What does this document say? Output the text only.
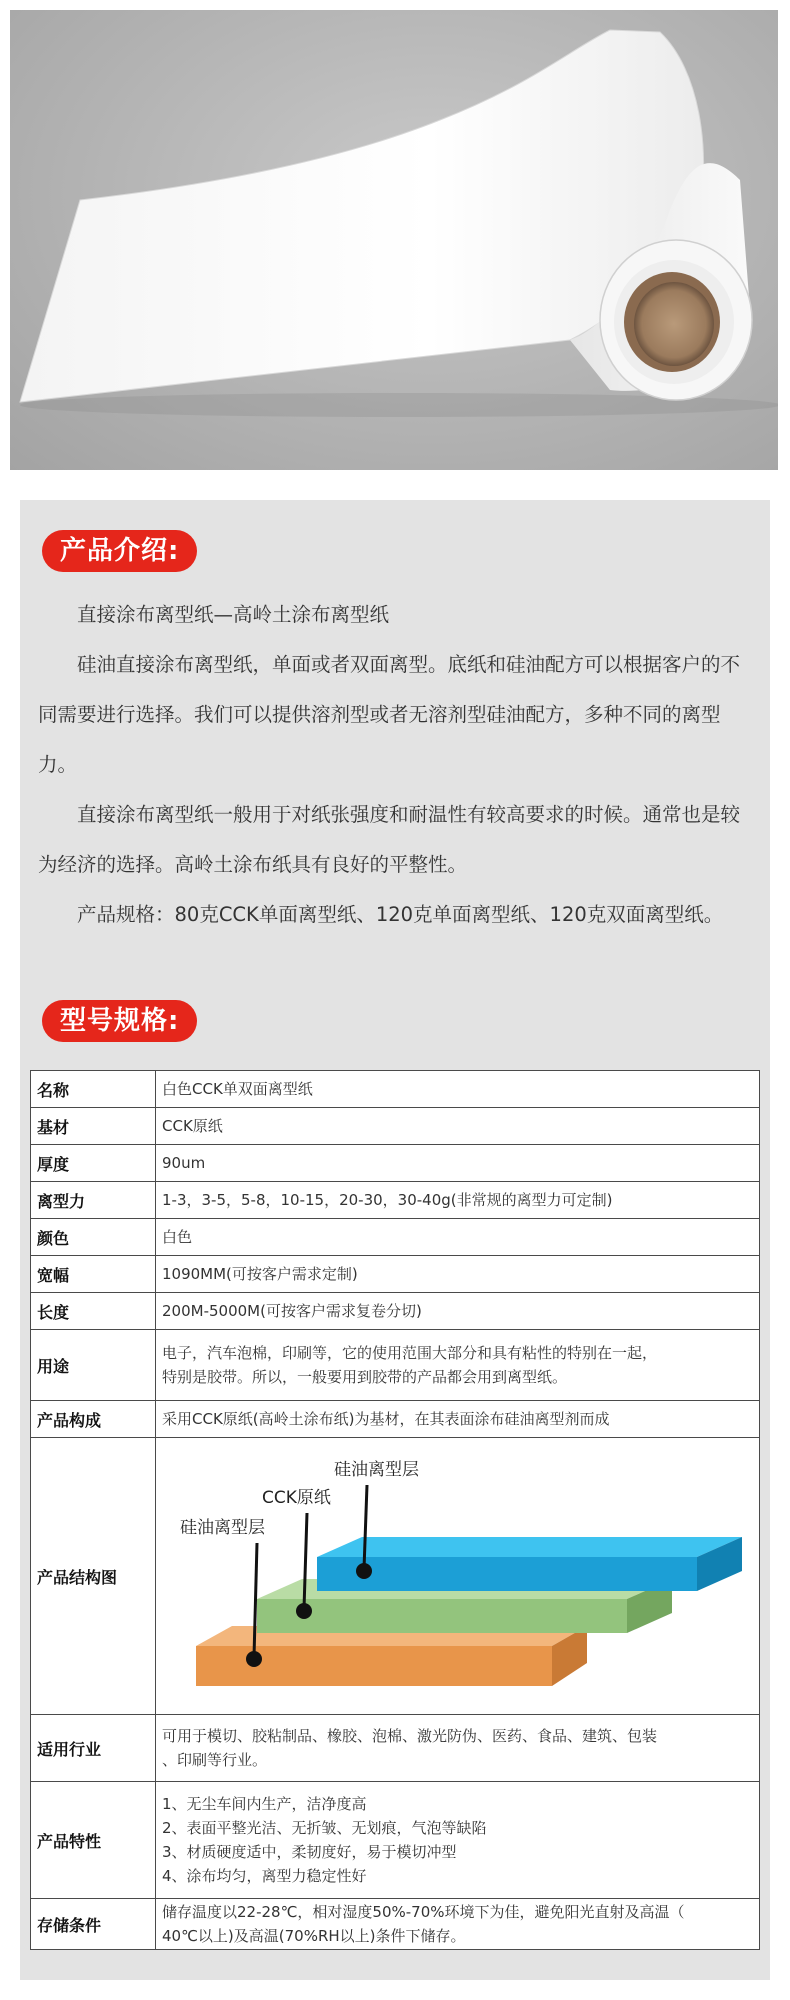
产品介绍:

直接涂布离型纸—高岭土涂布离型纸

硅油直接涂布离型纸，单面或者双面离型。底纸和硅油配方可以根据客户的不同需要进行选择。我们可以提供溶剂型或者无溶剂型硅油配方，多种不同的离型力。

直接涂布离型纸一般用于对纸张强度和耐温性有较高要求的时候。通常也是较为经济的选择。高岭土涂布纸具有良好的平整性。

产品规格：80克CCK单面离型纸、120克单面离型纸、120克双面离型纸。

型号规格:
名称	白色CCK单双面离型纸
基材	CCK原纸
厚度	90um
离型力	1-3，3-5，5-8，10-15，20-30，30-40g(非常规的离型力可定制)
颜色	白色
宽幅	1090MM(可按客户需求定制)
长度	200M-5000M(可按客户需求复卷分切)
用途	电子，汽车泡棉，印刷等，它的使用范围大部分和具有粘性的特别在一起，
特别是胶带。所以，一般要用到胶带的产品都会用到离型纸。

产品构成	采用CCK原纸(高岭土涂布纸)为基材，在其表面涂布硅油离型剂而成
产品结构图	硅油离型层
CCK原纸
硅油离型层

适用行业	可用于模切、胶粘制品、橡胶、泡棉、激光防伪、医药、食品、建筑、包装
、印刷等行业。

产品特性	1、无尘车间内生产，洁净度高
2、表面平整光洁、无折皱、无划痕，气泡等缺陷
3、材质硬度适中，柔韧度好，易于模切冲型
4、涂布均匀，离型力稳定性好

存储条件	储存温度以22-28℃，相对湿度50%-70%环境下为佳，避免阳光直射及高温（
40℃以上)及高温(70%RH以上)条件下储存。
